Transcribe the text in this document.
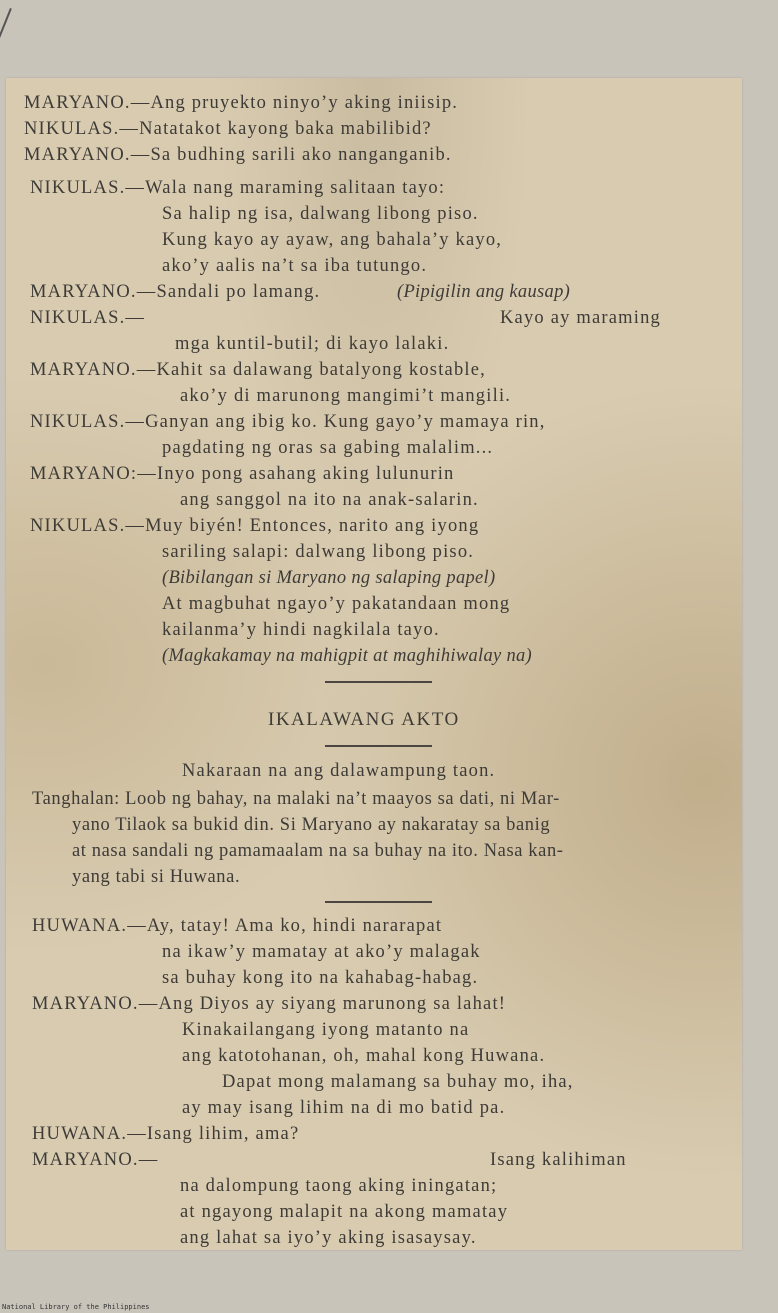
MARYANO.—Ang pruyekto ninyo’y aking iniisip.
NIKULAS.—Natatakot kayong baka mabilibid?
MARYANO.—Sa budhing sarili ako nanganganib.
NIKULAS.—Wala nang maraming salitaan tayo:
Sa halip ng isa, dalwang libong piso.
Kung kayo ay ayaw, ang bahala’y kayo,
ako’y aalis na’t sa iba tutungo.
MARYANO.—Sandali po lamang.	(Pipigilin ang kausap)
NIKULAS.—	Kayo ay maraming
mga kuntil-butil; di kayo lalaki.
MARYANO.—Kahit sa dalawang batalyong kostable,
ako’y di marunong mangimi’t mangili.
NIKULAS.—Ganyan ang ibig ko. Kung gayo’y mamaya rin,
pagdating ng oras sa gabing malalim...
MARYANO:—Inyo pong asahang aking lulunurin
ang sanggol na ito na anak-salarin.
NIKULAS.—Muy biyén! Entonces, narito ang iyong
sariling salapi: dalwang libong piso.
(Bibilangan si Maryano ng salaping papel)
At magbuhat ngayo’y pakatandaan mong
kailanma’y hindi nagkilala tayo.
(Magkakamay na mahigpit at maghihiwalay na)
IKALAWANG AKTO
Nakaraan na ang dalawampung taon.
Tanghalan: Loob ng bahay, na malaki na’t maayos sa dati, ni Mar-
yano Tilaok sa bukid din. Si Maryano ay nakaratay sa banig
at nasa sandali ng pamamaalam na sa buhay na ito. Nasa kan-
yang tabi si Huwana.
HUWANA.—Ay, tatay! Ama ko, hindi nararapat
na ikaw’y mamatay at ako’y malagak
sa buhay kong ito na kahabag-habag.
MARYANO.—Ang Diyos ay siyang marunong sa lahat!
Kinakailangang iyong matanto na
ang katotohanan, oh, mahal kong Huwana.
Dapat mong malamang sa buhay mo, iha,
ay may isang lihim na di mo batid pa.
HUWANA.—Isang lihim, ama?
MARYANO.—	Isang kalihiman
na dalompung taong aking iningatan;
at ngayong malapit na akong mamatay
ang lahat sa iyo’y aking isasaysay.
National Library of the Philippines
